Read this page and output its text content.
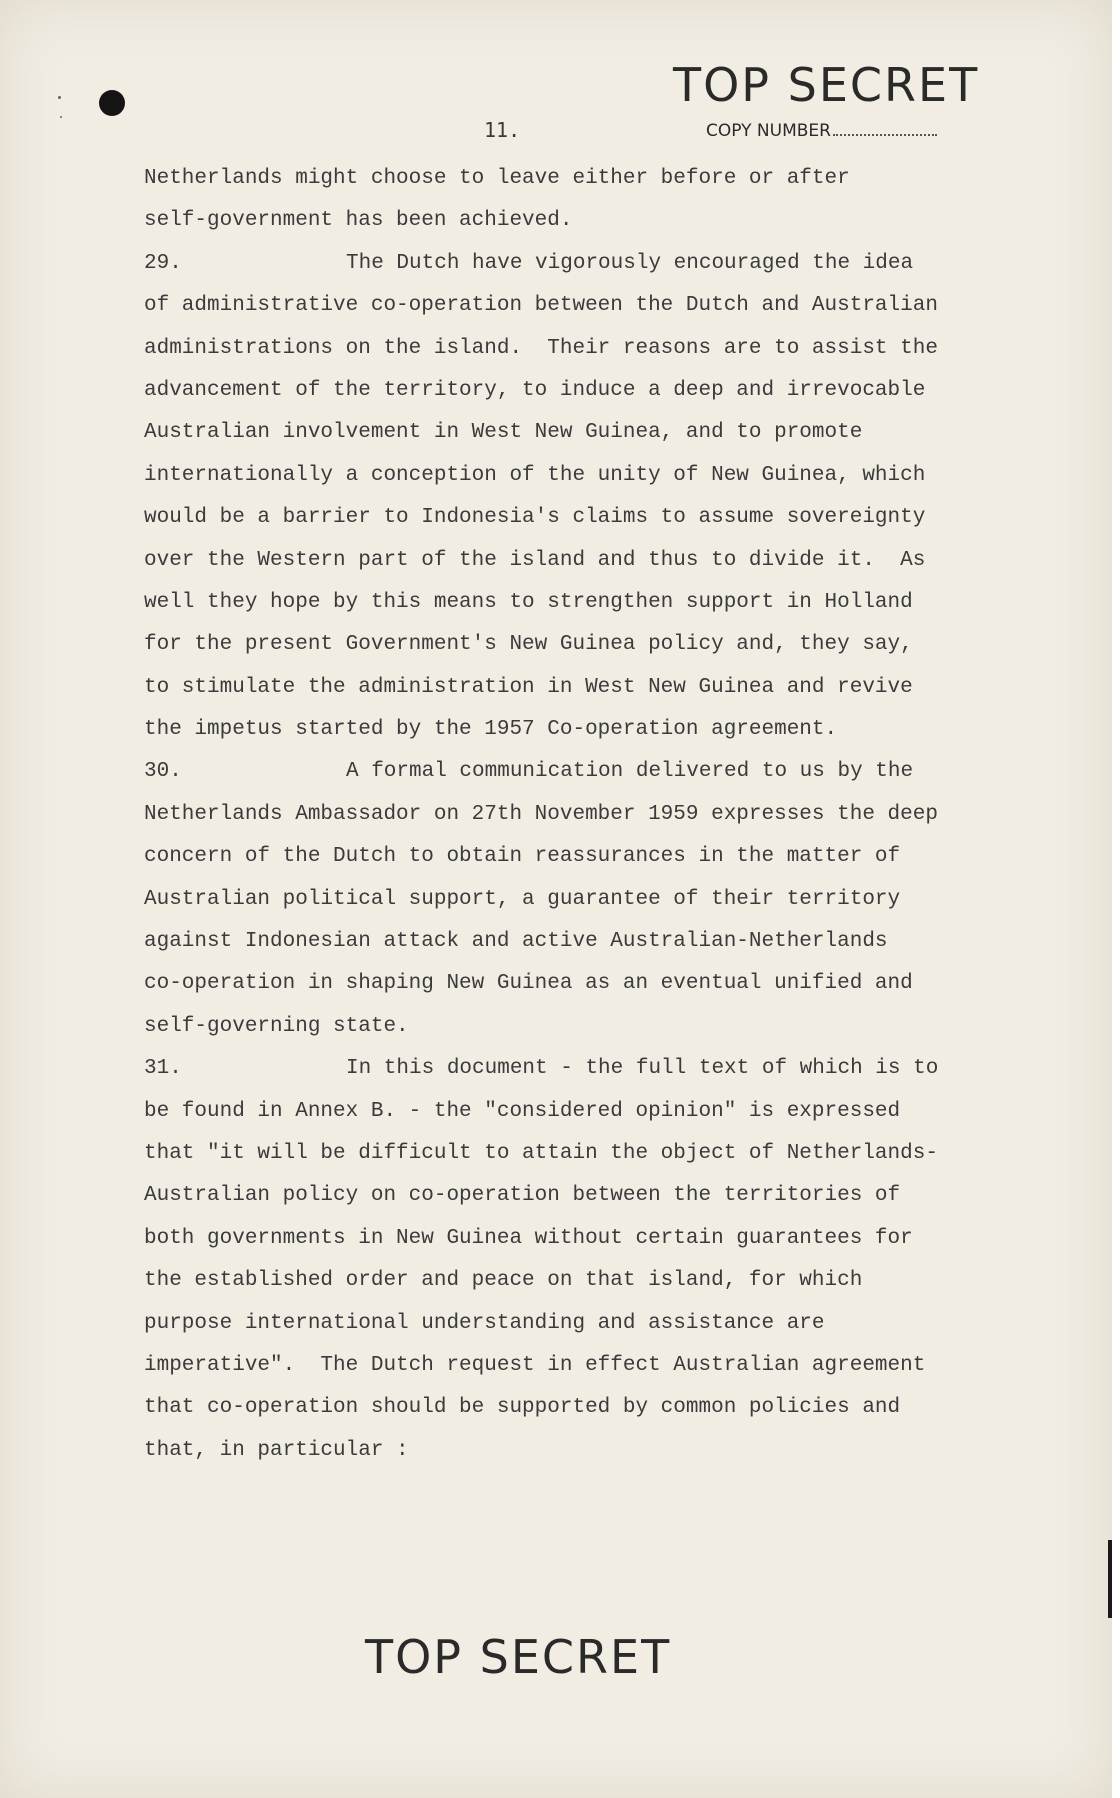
TOP SECRET
11.	COPY NUMBER
Netherlands might choose to leave either before or after
self-government has been achieved.
29.	The Dutch have vigorously encouraged the idea
of administrative co-operation between the Dutch and Australian
administrations on the island.  Their reasons are to assist the
advancement of the territory, to induce a deep and irrevocable
Australian involvement in West New Guinea, and to promote
internationally a conception of the unity of New Guinea, which
would be a barrier to Indonesia's claims to assume sovereignty
over the Western part of the island and thus to divide it.  As
well they hope by this means to strengthen support in Holland
for the present Government's New Guinea policy and, they say,
to stimulate the administration in West New Guinea and revive
the impetus started by the 1957 Co-operation agreement.
30.	A formal communication delivered to us by the
Netherlands Ambassador on 27th November 1959 expresses the deep
concern of the Dutch to obtain reassurances in the matter of
Australian political support, a guarantee of their territory
against Indonesian attack and active Australian-Netherlands
co-operation in shaping New Guinea as an eventual unified and
self-governing state.
31.	In this document - the full text of which is to
be found in Annex B. - the "considered opinion" is expressed
that "it will be difficult to attain the object of Netherlands-
Australian policy on co-operation between the territories of
both governments in New Guinea without certain guarantees for
the established order and peace on that island, for which
purpose international understanding and assistance are
imperative".  The Dutch request in effect Australian agreement
that co-operation should be supported by common policies and
that, in particular :
TOP SECRET
